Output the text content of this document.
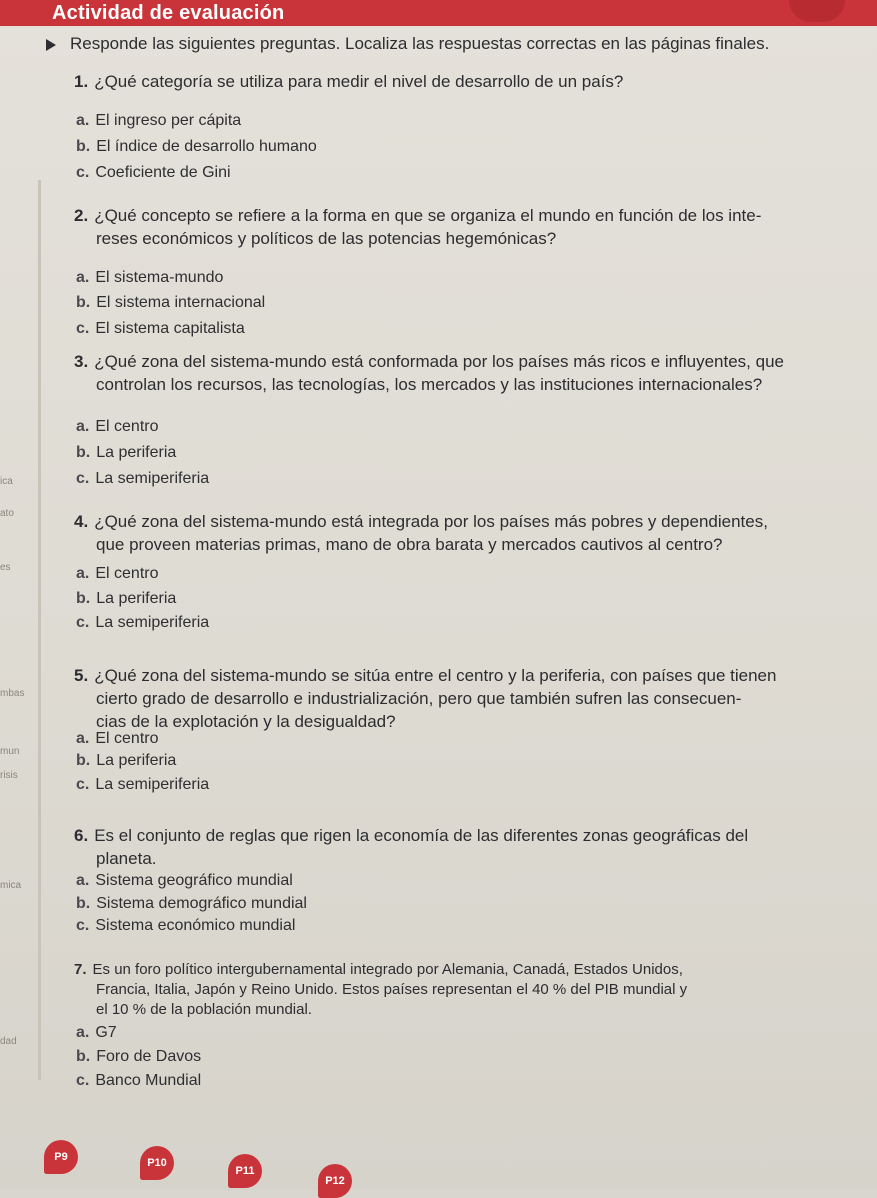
Actividad de evaluación
Responde las siguientes preguntas. Localiza las respuestas correctas en las páginas finales.
1. ¿Qué categoría se utiliza para medir el nivel de desarrollo de un país?
a. El ingreso per cápita
b. El índice de desarrollo humano
c. Coeficiente de Gini
2. ¿Qué concepto se refiere a la forma en que se organiza el mundo en función de los inte-
reses económicos y políticos de las potencias hegemónicas?
a. El sistema-mundo
b. El sistema internacional
c. El sistema capitalista
3. ¿Qué zona del sistema-mundo está conformada por los países más ricos e influyentes, que
controlan los recursos, las tecnologías, los mercados y las instituciones internacionales?
a. El centro
b. La periferia
c. La semiperiferia
4. ¿Qué zona del sistema-mundo está integrada por los países más pobres y dependientes,
que proveen materias primas, mano de obra barata y mercados cautivos al centro?
a. El centro
b. La periferia
c. La semiperiferia
5. ¿Qué zona del sistema-mundo se sitúa entre el centro y la periferia, con países que tienen
cierto grado de desarrollo e industrialización, pero que también sufren las consecuen-
cias de la explotación y la desigualdad?
a. El centro
b. La periferia
c. La semiperiferia
6. Es el conjunto de reglas que rigen la economía de las diferentes zonas geográficas del
planeta.
a. Sistema geográfico mundial
b. Sistema demográfico mundial
c. Sistema económico mundial
7. Es un foro político intergubernamental integrado por Alemania, Canadá, Estados Unidos,
Francia, Italia, Japón y Reino Unido. Estos países representan el 40 % del PIB mundial y
el 10 % de la población mundial.
a. G7
b. Foro de Davos
c. Banco Mundial
ica
ato
es
mbas
mun
risis
mica
dad
P9	P10
P11
P12
